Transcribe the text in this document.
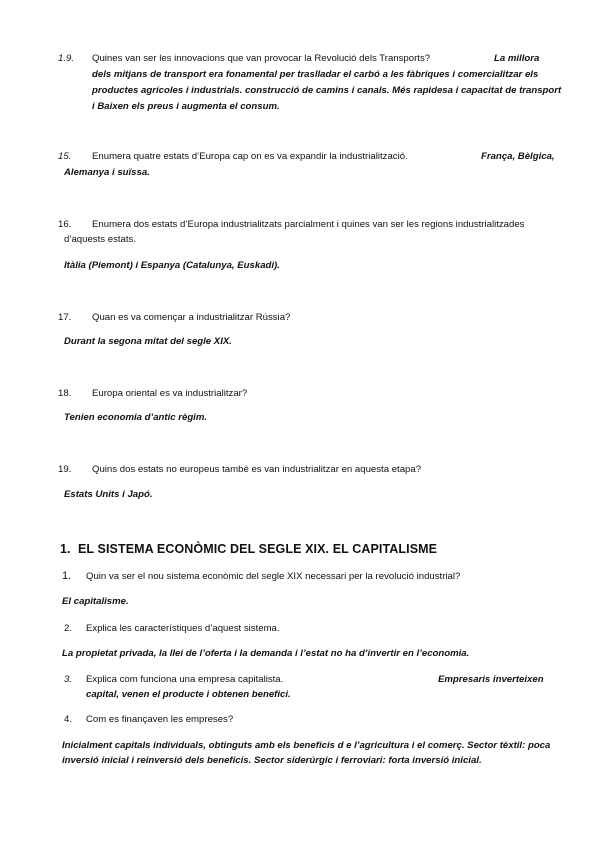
1.9. Quines van ser les innovacions que van provocar la Revolució dels Transports?	La millora
dels mitjans de transport era fonamental per traslladar el carbó a les fàbriques i comercialitzar els
productes agrícoles i industrials. construcció de camins i canals. Més rapidesa i capacitat de transport
i Baixen els preus i augmenta el consum.
15. Enumera quatre estats d’Europa cap on es va expandir la industrialització.	França, Bèlgica,
Alemanya i suïssa.
16. Enumera dos estats d’Europa industrialitzats parcialment i quines van ser les regions industrialitzades
d’aquests estats.
Itàlia (Piemont) i Espanya (Catalunya, Euskadi).
17. Quan es va començar a industrialitzar Rússia?
Durant la segona mitat del segle XIX.
18. Europa oriental es va industrialitzar?
Tenien economia d’antic règim.
19. Quins dos estats no europeus també es van industrialitzar en aquesta etapa?
Estats Units i Japó.
1. EL SISTEMA ECONÒMIC DEL SEGLE XIX. EL CAPITALISME
1. Quin va ser el nou sistema econòmic del segle XIX necessari per la revolució industrial?
El capitalisme.
2. Explica les característiques d’aquest sistema.
La propietat privada, la llei de l’oferta i la demanda i l’estat no ha d’invertir en l’economia.
3. Explica com funciona una empresa capitalista.	Empresaris inverteixen
capital, venen el producte i obtenen benefici.
4. Com es finançaven les empreses?
Inicialment capitals individuals, obtinguts amb els beneficis d e l’agricultura i el comerç. Sector tèxtil: poca
inversió inicial i reinversió dels beneficis. Sector siderúrgic i ferroviari: forta inversió inicial.
